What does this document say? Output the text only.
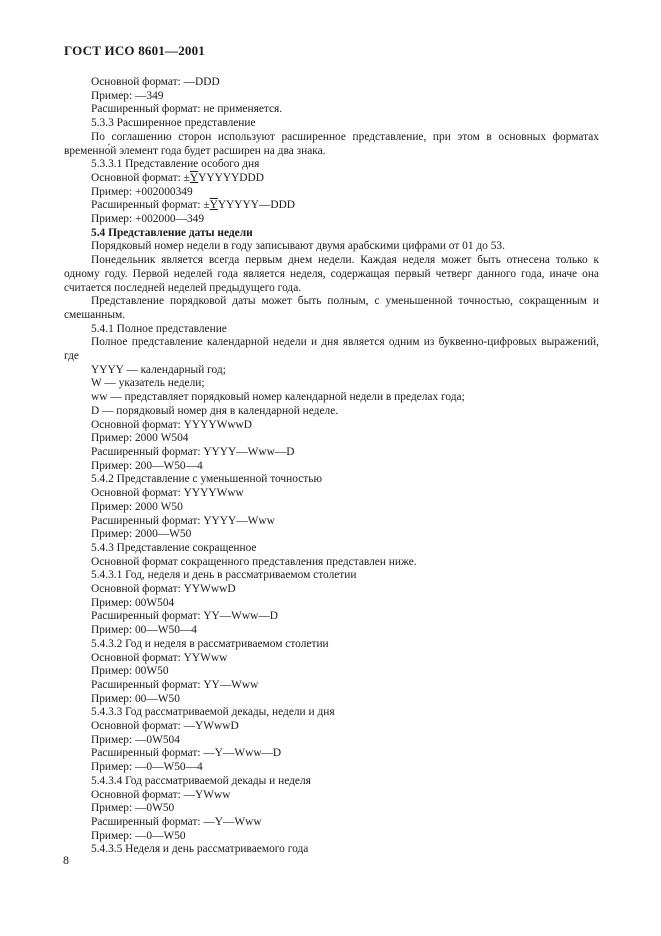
ГОСТ ИСО 8601—2001

Основной формат: —DDD

Пример: —349

Расширенный формат: не применяется.

5.3.3 Расширенное представление

По соглашению сторон используют расширенное представление, при этом в основных форматах временно́й элемент года будет расширен на два знака.

5.3.3.1 Представление особого дня

Основной формат: ±YYYYYYDDD

Пример: +002000349

Расширенный формат: ±YYYYYY—DDD

Пример: +002000—349

5.4 Представление даты недели

Порядковый номер недели в году записывают двумя арабскими цифрами от 01 до 53.

Понедельник является всегда первым днем недели. Каждая неделя может быть отнесена только к одному году. Первой неделей года является неделя, содержащая первый четверг данного года, иначе она считается последней неделей предыдущего года.

Представление порядковой даты может быть полным, с уменьшенной точностью, сокращенным и смешанным.

5.4.1 Полное представление

Полное представление календарной недели и дня является одним из буквенно-цифровых выражений, где

YYYY — календарный год;

W — указатель недели;

ww — представляет порядковый номер календарной недели в пределах года;

D — порядковый номер дня в календарной неделе.

Основной формат: YYYYWwwD

Пример: 2000 W504

Расширенный формат: YYYY—Www—D

Пример: 200—W50—4

5.4.2 Представление с уменьшенной точностью

Основной формат: YYYYWww

Пример: 2000 W50

Расширенный формат: YYYY—Www

Пример: 2000—W50

5.4.3 Представление сокращенное

Основной формат сокращенного представления представлен ниже.

5.4.3.1 Год, неделя и день в рассматриваемом столетии

Основной формат: YYWwwD

Пример: 00W504

Расширенный формат: YY—Www—D

Пример: 00—W50—4

5.4.3.2 Год и неделя в рассматриваемом столетии

Основной формат: YYWww

Пример: 00W50

Расширенный формат: YY—Www

Пример: 00—W50

5.4.3.3 Год рассматриваемой декады, недели и дня

Основной формат: —YWwwD

Пример: —0W504

Расширенный формат: —Y—Www—D

Пример: —0—W50—4

5.4.3.4 Год рассматриваемой декады и неделя

Основной формат: —YWww

Пример: —0W50

Расширенный формат: —Y—Www

Пример: —0—W50

5.4.3.5 Неделя и день рассматриваемого года

8
